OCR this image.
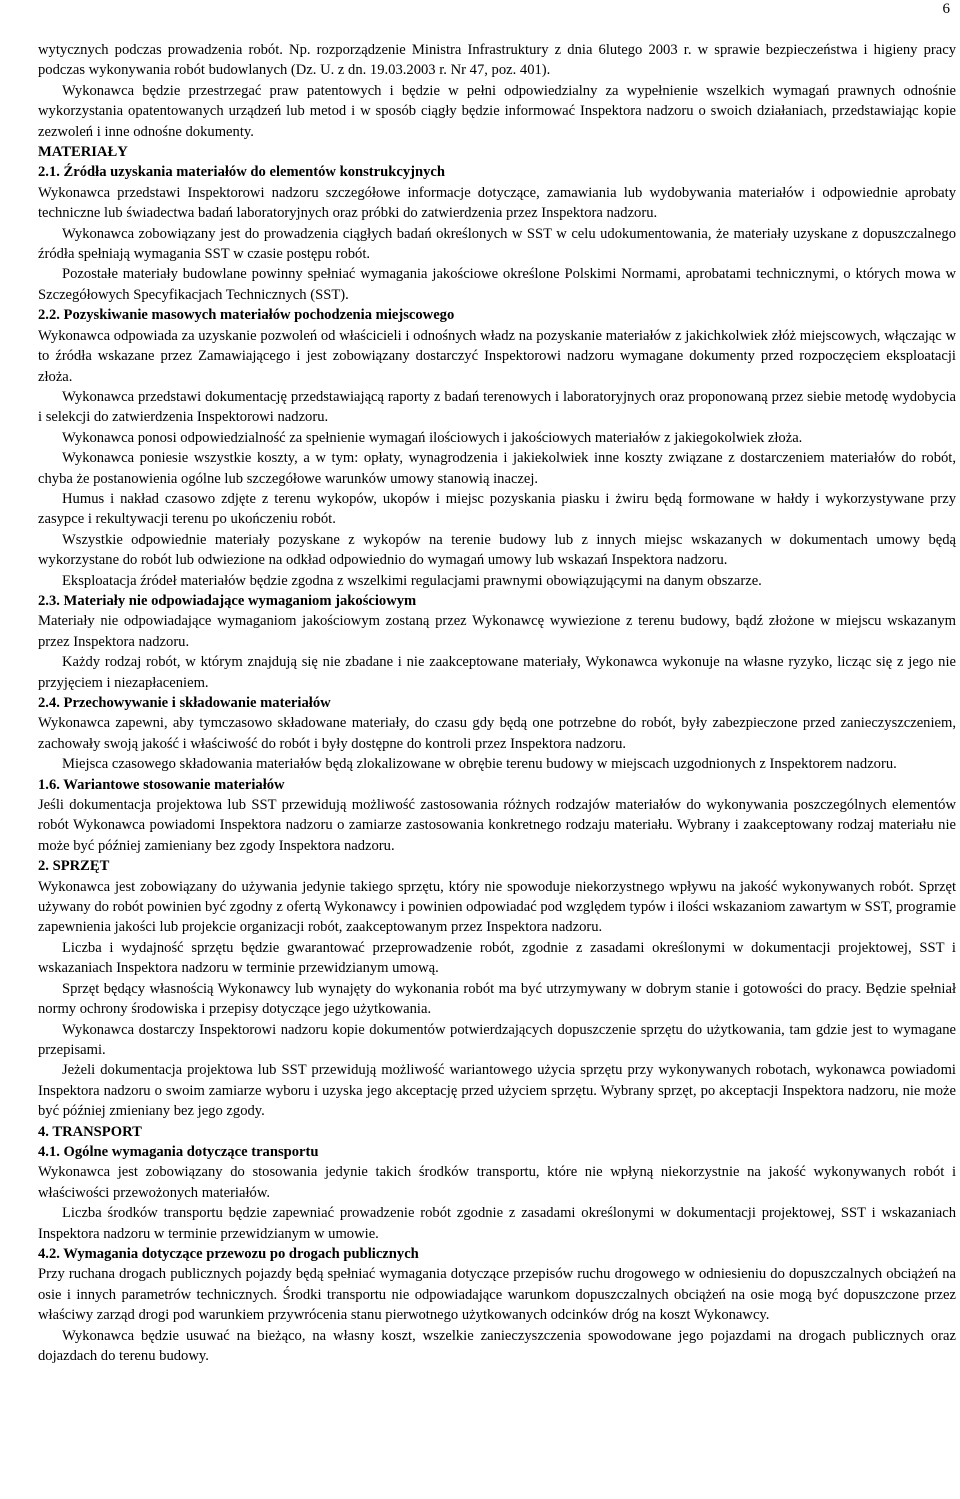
6

wytycznych podczas prowadzenia robót. Np. rozporządzenie Ministra Infrastruktury z dnia 6lutego 2003 r. w sprawie bezpieczeństwa i higieny pracy podczas wykonywania robót budowlanych (Dz. U. z dn. 19.03.2003 r. Nr 47, poz. 401).

Wykonawca będzie przestrzegać praw patentowych i będzie w pełni odpowiedzialny za wypełnienie wszelkich wymagań prawnych odnośnie wykorzystania opatentowanych urządzeń lub metod i w sposób ciągły będzie informować Inspektora nadzoru o swoich działaniach, przedstawiając kopie zezwoleń i inne odnośne dokumenty.

MATERIAŁY
2.1. Źródła uzyskania materiałów do elementów konstrukcyjnych

Wykonawca przedstawi Inspektorowi nadzoru szczegółowe informacje dotyczące, zamawiania lub wydobywania materiałów i odpowiednie aprobaty techniczne lub świadectwa badań laboratoryjnych oraz próbki do zatwierdzenia przez Inspektora nadzoru.

Wykonawca zobowiązany jest do prowadzenia ciągłych badań określonych w SST w celu udokumentowania, że materiały uzyskane z dopuszczalnego źródła spełniają wymagania SST w czasie postępu robót.

Pozostałe materiały budowlane powinny spełniać wymagania jakościowe określone Polskimi Normami, aprobatami technicznymi, o których mowa w Szczegółowych Specyfikacjach Technicznych (SST).

2.2. Pozyskiwanie masowych materiałów pochodzenia miejscowego

Wykonawca odpowiada za uzyskanie pozwoleń od właścicieli i odnośnych władz na pozyskanie materiałów z jakichkolwiek złóż miejscowych, włączając w to źródła wskazane przez Zamawiającego i jest zobowiązany dostarczyć Inspektorowi nadzoru wymagane dokumenty przed rozpoczęciem eksploatacji złoża.

Wykonawca przedstawi dokumentację przedstawiającą raporty z badań terenowych i laboratoryjnych oraz proponowaną przez siebie metodę wydobycia i selekcji do zatwierdzenia Inspektorowi nadzoru.

Wykonawca ponosi odpowiedzialność za spełnienie wymagań ilościowych i jakościowych materiałów z jakiegokolwiek złoża.

Wykonawca poniesie wszystkie koszty, a w tym: opłaty, wynagrodzenia i jakiekolwiek inne koszty związane z dostarczeniem materiałów do robót, chyba że postanowienia ogólne lub szczegółowe warunków umowy stanowią inaczej.

Humus i nakład czasowo zdjęte z terenu wykopów, ukopów i miejsc pozyskania piasku i żwiru będą formowane w hałdy i wykorzystywane przy zasypce i rekultywacji terenu po ukończeniu robót.

Wszystkie odpowiednie materiały pozyskane z wykopów na terenie budowy lub z innych miejsc wskazanych w dokumentach umowy będą wykorzystane do robót lub odwiezione na odkład odpowiednio do wymagań umowy lub wskazań Inspektora nadzoru.

Eksploatacja źródeł materiałów będzie zgodna z wszelkimi regulacjami prawnymi obowiązującymi na danym obszarze.

2.3. Materiały nie odpowiadające wymaganiom jakościowym

Materiały nie odpowiadające wymaganiom jakościowym zostaną przez Wykonawcę wywiezione z terenu budowy, bądź złożone w miejscu wskazanym przez Inspektora nadzoru.

Każdy rodzaj robót, w którym znajdują się nie zbadane i nie zaakceptowane materiały, Wykonawca wykonuje na własne ryzyko, licząc się z jego nie przyjęciem i niezapłaceniem.

2.4. Przechowywanie i składowanie materiałów

Wykonawca zapewni, aby tymczasowo składowane materiały, do czasu gdy będą one potrzebne do robót, były zabezpieczone przed zanieczyszczeniem, zachowały swoją jakość i właściwość do robót i były dostępne do kontroli przez Inspektora nadzoru.

Miejsca czasowego składowania materiałów będą zlokalizowane w obrębie terenu budowy w miejscach uzgodnionych z Inspektorem nadzoru.

1.6. Wariantowe stosowanie materiałów

Jeśli dokumentacja projektowa lub SST przewidują możliwość zastosowania różnych rodzajów materiałów do wykonywania poszczególnych elementów robót Wykonawca powiadomi Inspektora nadzoru o zamiarze zastosowania konkretnego rodzaju materiału. Wybrany i zaakceptowany rodzaj materiału nie może być później zamieniany bez zgody Inspektora nadzoru.

2. SPRZĘT

Wykonawca jest zobowiązany do używania jedynie takiego sprzętu, który nie spowoduje niekorzystnego wpływu na jakość wykonywanych robót. Sprzęt używany do robót powinien być zgodny z ofertą Wykonawcy i powinien odpowiadać pod względem typów i ilości wskazaniom zawartym w SST, programie zapewnienia jakości lub projekcie organizacji robót, zaakceptowanym przez Inspektora nadzoru.

Liczba i wydajność sprzętu będzie gwarantować przeprowadzenie robót, zgodnie z zasadami określonymi w dokumentacji projektowej, SST i wskazaniach Inspektora nadzoru w terminie przewidzianym umową.

Sprzęt będący własnością Wykonawcy lub wynajęty do wykonania robót ma być utrzymywany w dobrym stanie i gotowości do pracy. Będzie spełniał normy ochrony środowiska i przepisy dotyczące jego użytkowania.

Wykonawca dostarczy Inspektorowi nadzoru kopie dokumentów potwierdzających dopuszczenie sprzętu do użytkowania, tam gdzie jest to wymagane przepisami.

Jeżeli dokumentacja projektowa lub SST przewidują możliwość wariantowego użycia sprzętu przy wykonywanych robotach, wykonawca powiadomi Inspektora nadzoru o swoim zamiarze wyboru i uzyska jego akceptację przed użyciem sprzętu. Wybrany sprzęt, po akceptacji Inspektora nadzoru, nie może być później zmieniany bez jego zgody.

4. TRANSPORT
4.1. Ogólne wymagania dotyczące transportu

Wykonawca jest zobowiązany do stosowania jedynie takich środków transportu, które nie wpłyną niekorzystnie na jakość wykonywanych robót i właściwości przewożonych materiałów.

Liczba środków transportu będzie zapewniać prowadzenie robót zgodnie z zasadami określonymi w dokumentacji projektowej, SST i wskazaniach Inspektora nadzoru w terminie przewidzianym w umowie.

4.2. Wymagania dotyczące przewozu po drogach publicznych

Przy ruchana drogach publicznych pojazdy będą spełniać wymagania dotyczące przepisów ruchu drogowego w odniesieniu do dopuszczalnych obciążeń na osie i innych parametrów technicznych. Środki transportu nie odpowiadające warunkom dopuszczalnych obciążeń na osie mogą być dopuszczone przez właściwy zarząd drogi pod warunkiem przywrócenia stanu pierwotnego użytkowanych odcinków dróg na koszt Wykonawcy.

Wykonawca będzie usuwać na bieżąco, na własny koszt, wszelkie zanieczyszczenia spowodowane jego pojazdami na drogach publicznych oraz dojazdach do terenu budowy.
